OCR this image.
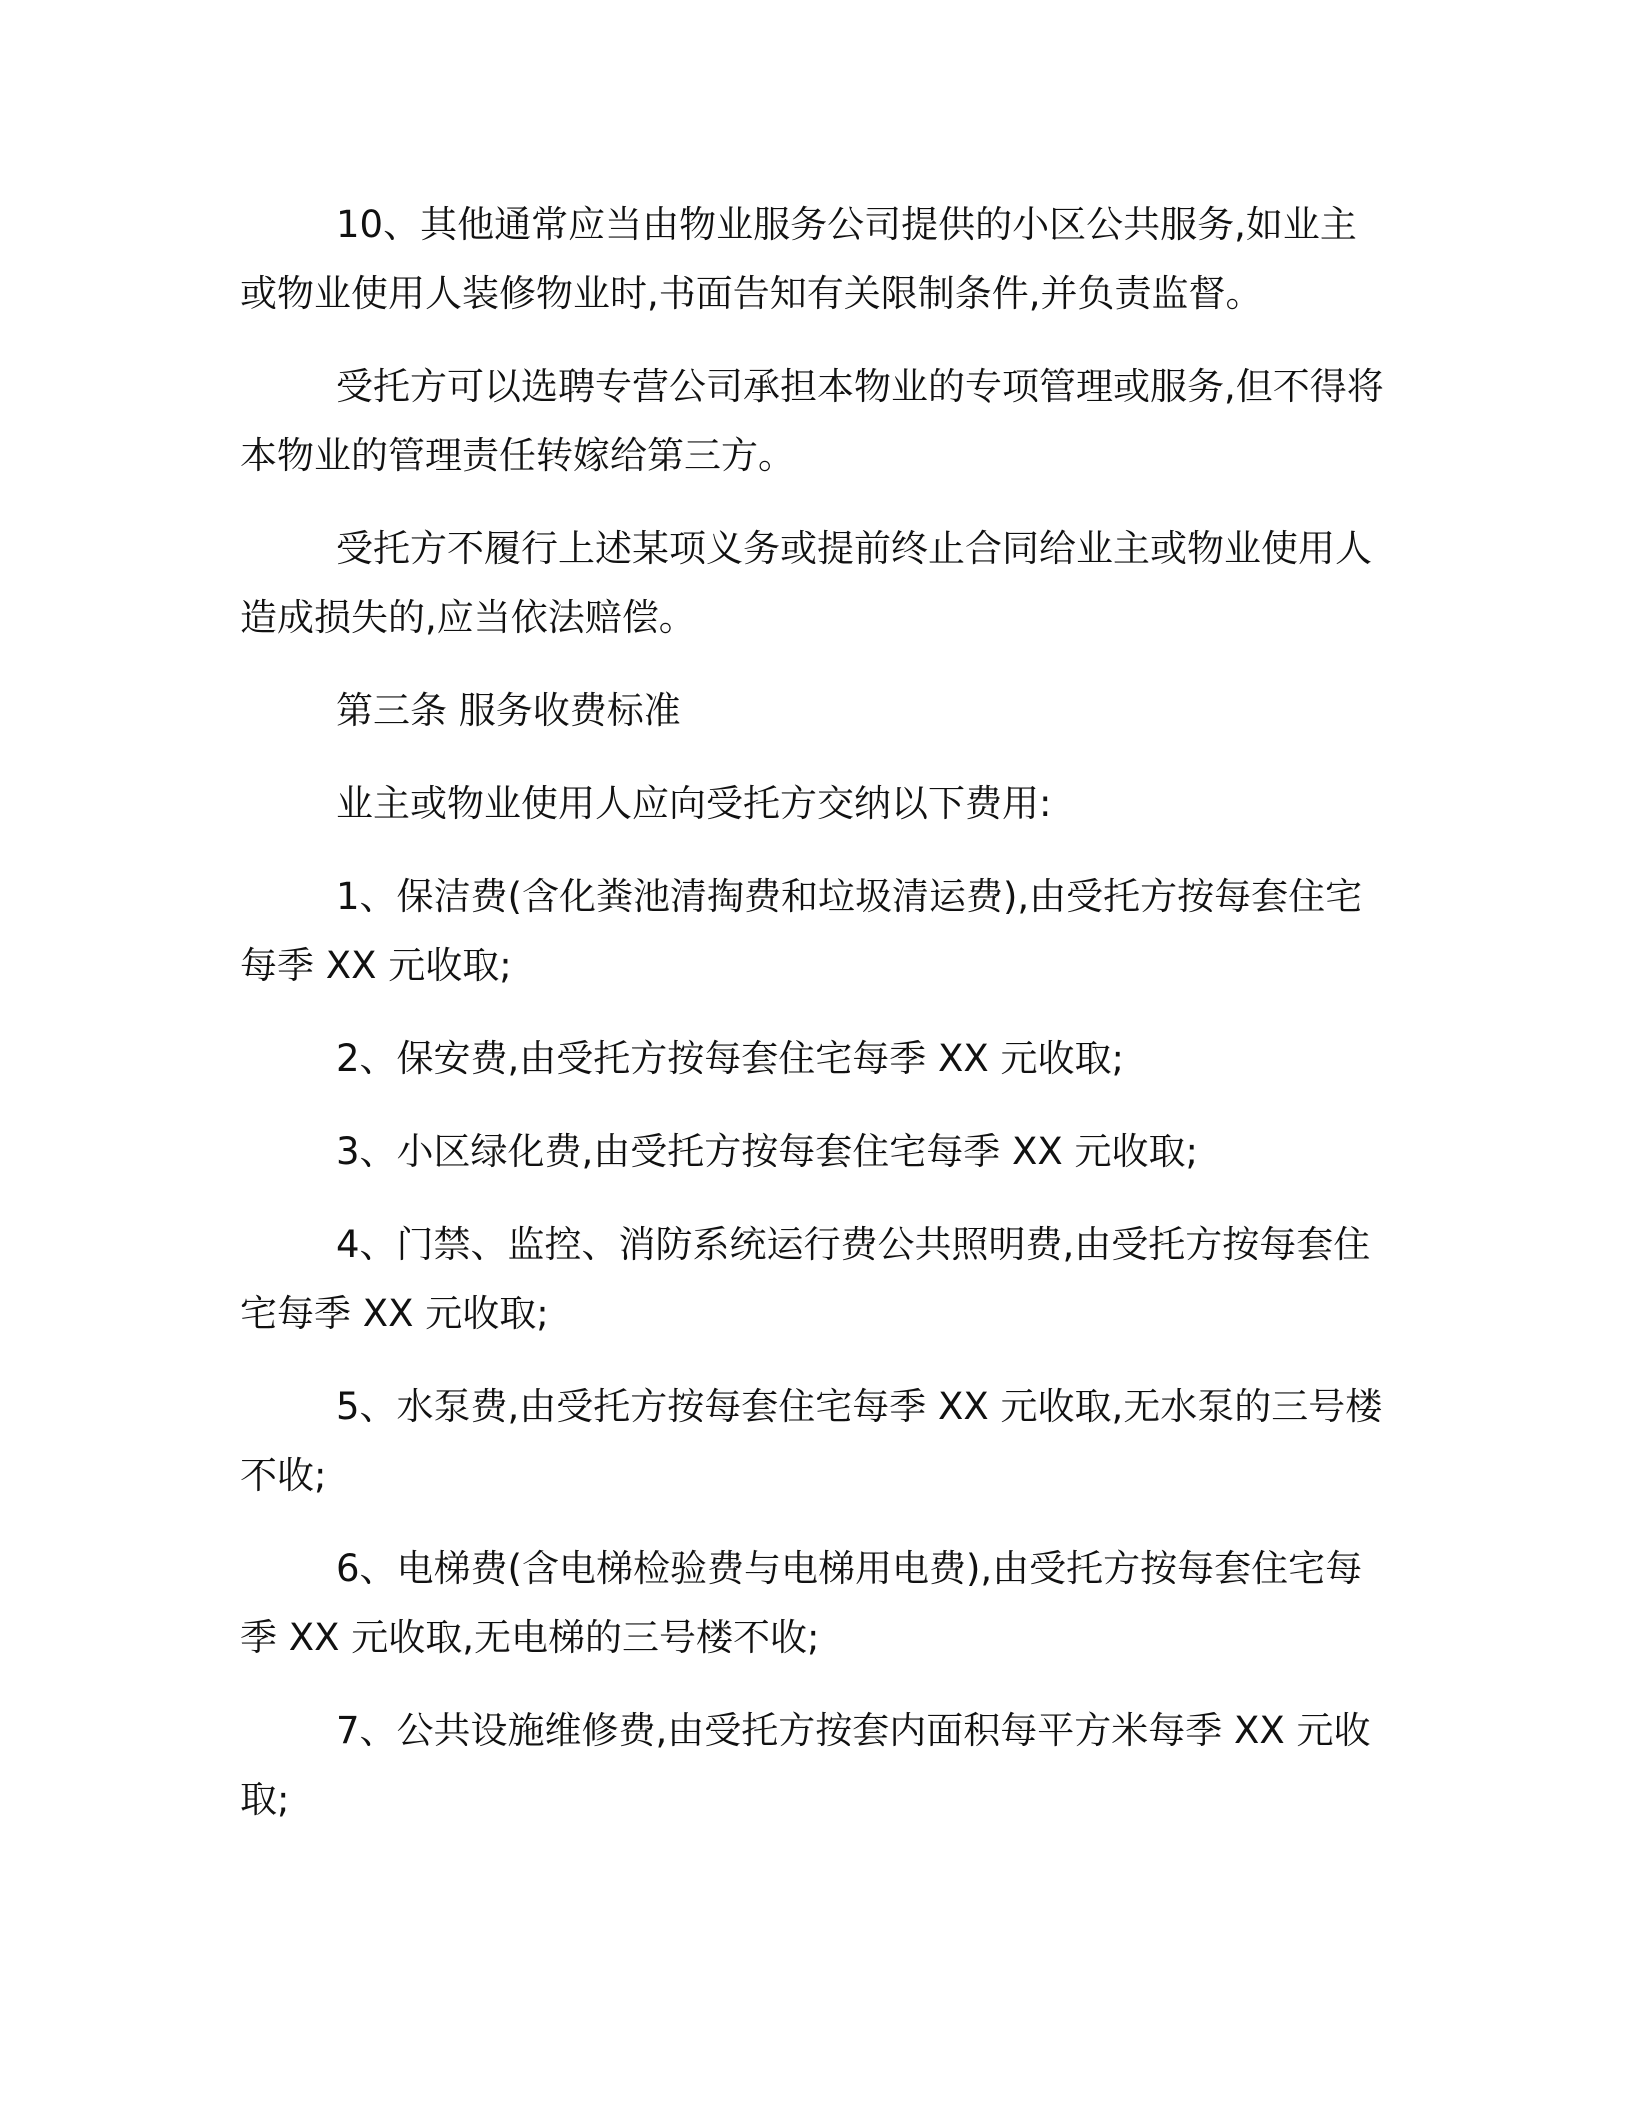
10、其他通常应当由物业服务公司提供的小区公共服务,如业主或物业使用人装修物业时,书面告知有关限制条件,并负责监督。

受托方可以选聘专营公司承担本物业的专项管理或服务,但不得将本物业的管理责任转嫁给第三方。

受托方不履行上述某项义务或提前终止合同给业主或物业使用人造成损失的,应当依法赔偿。

第三条 服务收费标准

业主或物业使用人应向受托方交纳以下费用:

1、保洁费(含化粪池清掏费和垃圾清运费),由受托方按每套住宅每季 XX 元收取;

2、保安费,由受托方按每套住宅每季 XX 元收取;

3、小区绿化费,由受托方按每套住宅每季 XX 元收取;

4、门禁、监控、消防系统运行费公共照明费,由受托方按每套住宅每季 XX 元收取;

5、水泵费,由受托方按每套住宅每季 XX 元收取,无水泵的三号楼不收;

6、电梯费(含电梯检验费与电梯用电费),由受托方按每套住宅每季 XX 元收取,无电梯的三号楼不收;

7、公共设施维修费,由受托方按套内面积每平方米每季 XX 元收取;
